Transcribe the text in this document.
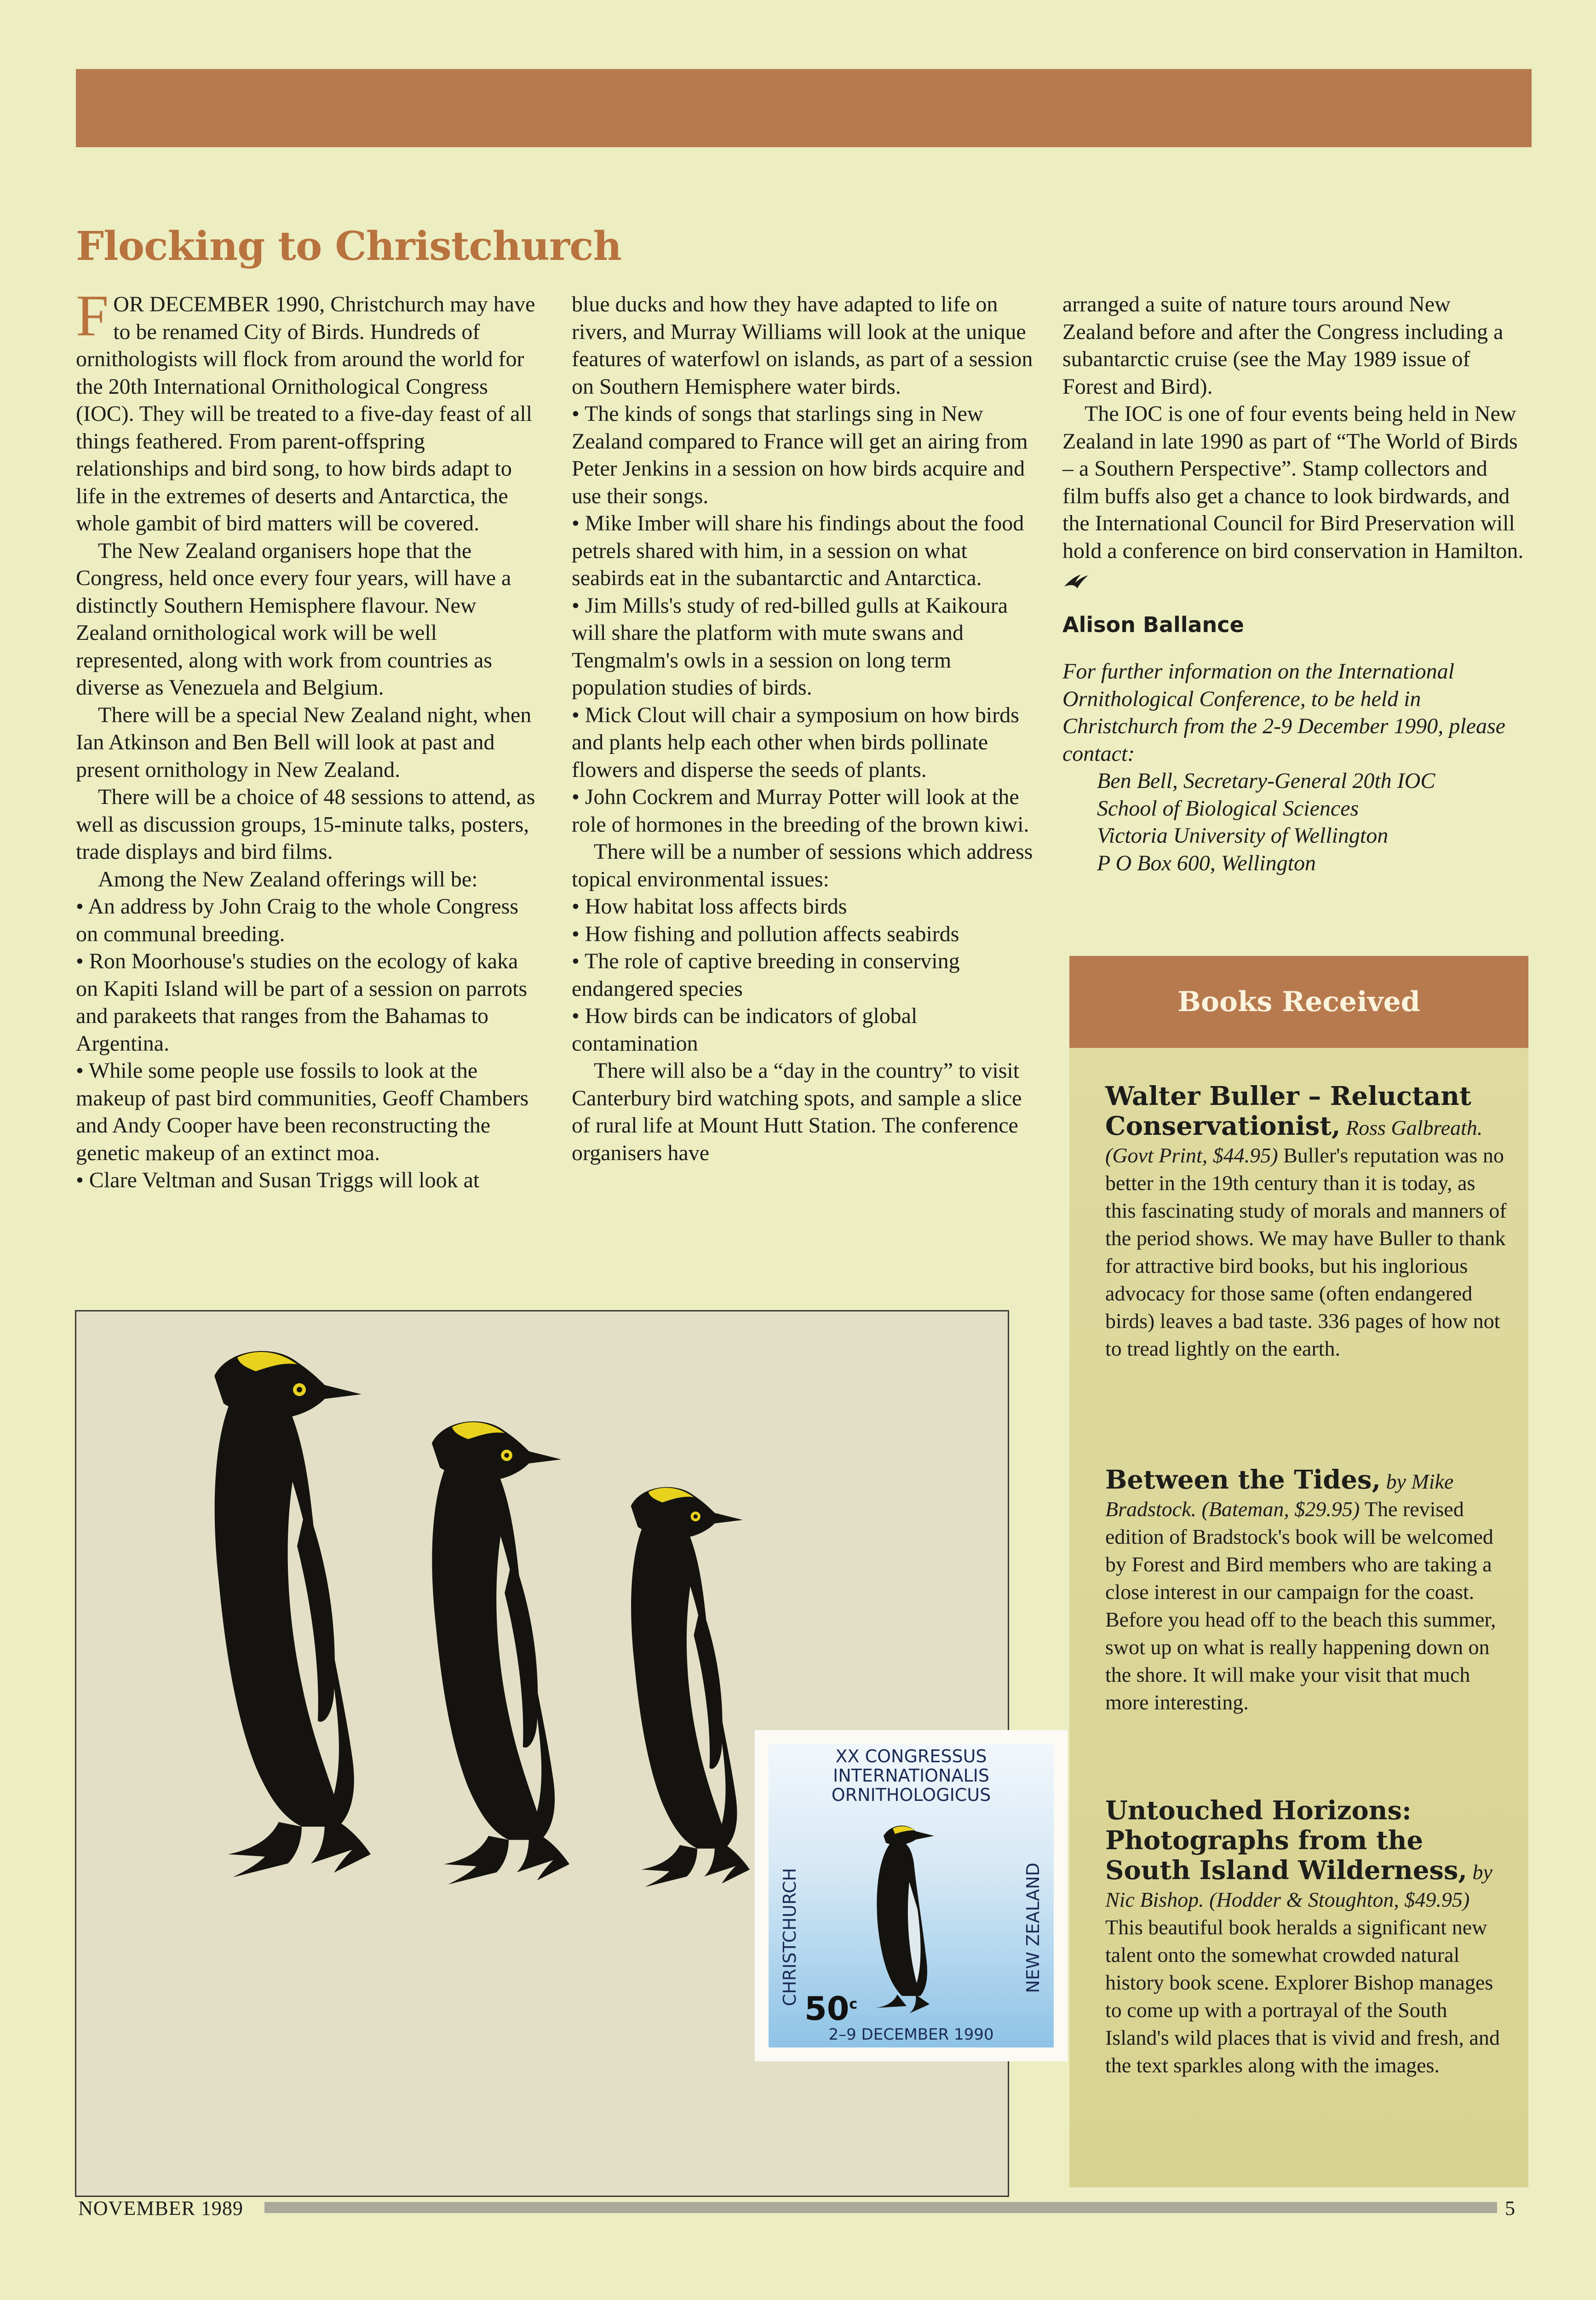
Flocking to Christchurch

FOR DECEMBER 1990, Christchurch may have to be renamed City of Birds. Hundreds of ornithologists will flock from around the world for the 20th International Ornithological Congress (IOC). They will be treated to a five-day feast of all things feathered. From parent-offspring relationships and bird song, to how birds adapt to life in the extremes of deserts and Antarctica, the whole gambit of bird matters will be covered.

The New Zealand organisers hope that the Congress, held once every four years, will have a distinctly Southern Hemisphere flavour. New Zealand ornithological work will be well represented, along with work from countries as diverse as Venezuela and Belgium.

There will be a special New Zealand night, when Ian Atkinson and Ben Bell will look at past and present ornithology in New Zealand.

There will be a choice of 48 sessions to attend, as well as discussion groups, 15-minute talks, posters, trade displays and bird films.

Among the New Zealand offerings will be:

• An address by John Craig to the whole Congress on communal breeding.

• Ron Moorhouse's studies on the ecology of kaka on Kapiti Island will be part of a session on parrots and parakeets that ranges from the Bahamas to Argentina.

• While some people use fossils to look at the makeup of past bird communities, Geoff Chambers and Andy Cooper have been reconstructing the genetic makeup of an extinct moa.

• Clare Veltman and Susan Triggs will look at

blue ducks and how they have adapted to life on rivers, and Murray Williams will look at the unique features of waterfowl on islands, as part of a session on Southern Hemisphere water birds.

• The kinds of songs that starlings sing in New Zealand compared to France will get an airing from Peter Jenkins in a session on how birds acquire and use their songs.

• Mike Imber will share his findings about the food petrels shared with him, in a session on what seabirds eat in the subantarctic and Antarctica.

• Jim Mills's study of red-billed gulls at Kaikoura will share the platform with mute swans and Tengmalm's owls in a session on long term population studies of birds.

• Mick Clout will chair a symposium on how birds and plants help each other when birds pollinate flowers and disperse the seeds of plants.

• John Cockrem and Murray Potter will look at the role of hormones in the breeding of the brown kiwi.

There will be a number of sessions which address topical environmental issues:

• How habitat loss affects birds

• How fishing and pollution affects seabirds

• The role of captive breeding in conserving endangered species

• How birds can be indicators of global contamination

There will also be a “day in the country” to visit Canterbury bird watching spots, and sample a slice of rural life at Mount Hutt Station. The conference organisers have

arranged a suite of nature tours around New Zealand before and after the Congress including a subantarctic cruise (see the May 1989 issue of Forest and Bird).

The IOC is one of four events being held in New Zealand in late 1990 as part of “The World of Birds – a Southern Perspective”. Stamp collectors and film buffs also get a chance to look birdwards, and the International Council for Bird Preservation will hold a conference on bird conservation in Hamilton.

Alison Ballance

For further information on the International Ornithological Conference, to be held in Christchurch from the 2-9 December 1990, please contact:

Ben Bell, Secretary-General 20th IOC

School of Biological Sciences

Victoria University of Wellington

P O Box 600, Wellington

Books Received

Walter Buller – Reluctant Conservationist, Ross Galbreath. (Govt Print, $44.95) Buller's reputation was no better in the 19th century than it is today, as this fascinating study of morals and manners of the period shows. We may have Buller to thank for attractive bird books, but his inglorious advocacy for those same (often endangered birds) leaves a bad taste. 336 pages of how not to tread lightly on the earth.

Between the Tides, by Mike Bradstock. (Bateman, $29.95) The revised edition of Bradstock's book will be welcomed by Forest and Bird members who are taking a close interest in our campaign for the coast. Before you head off to the beach this summer, swot up on what is really happening down on the shore. It will make your visit that much more interesting.

Untouched Horizons: Photographs from the South Island Wilderness, by Nic Bishop. (Hodder & Stoughton, $49.95) This beautiful book heralds a significant new talent onto the somewhat crowded natural history book scene. Explorer Bishop manages to come up with a portrayal of the South Island's wild places that is vivid and fresh, and the text sparkles along with the images.

XX CONGRESSUS
INTERNATIONALIS
ORNITHOLOGICUS
CHRISTCHURCH	NEW ZEALAND
50$^c$
2–9 DECEMBER 1990
NOVEMBER 1989	5
